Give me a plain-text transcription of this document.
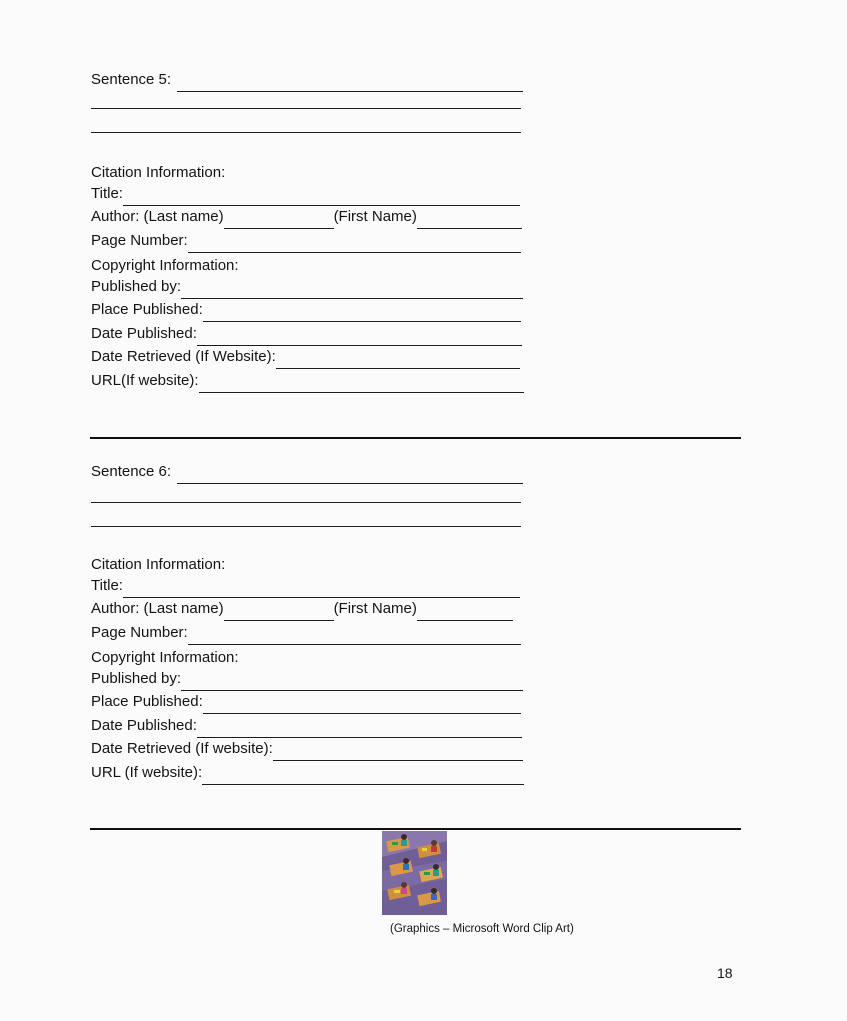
Sentence 5:
Citation Information:
Title:
Author: (Last name)	(First Name)
Page Number:
Copyright Information:
Published by:
Place Published:
Date Published:
Date Retrieved (If Website):
URL(If website):
Sentence 6:
Citation Information:
Title:
Author: (Last name)	(First Name)
Page Number:
Copyright Information:
Published by:
Place Published:
Date Published:
Date Retrieved (If website):
URL (If website):
(Graphics – Microsoft Word Clip Art)
18
